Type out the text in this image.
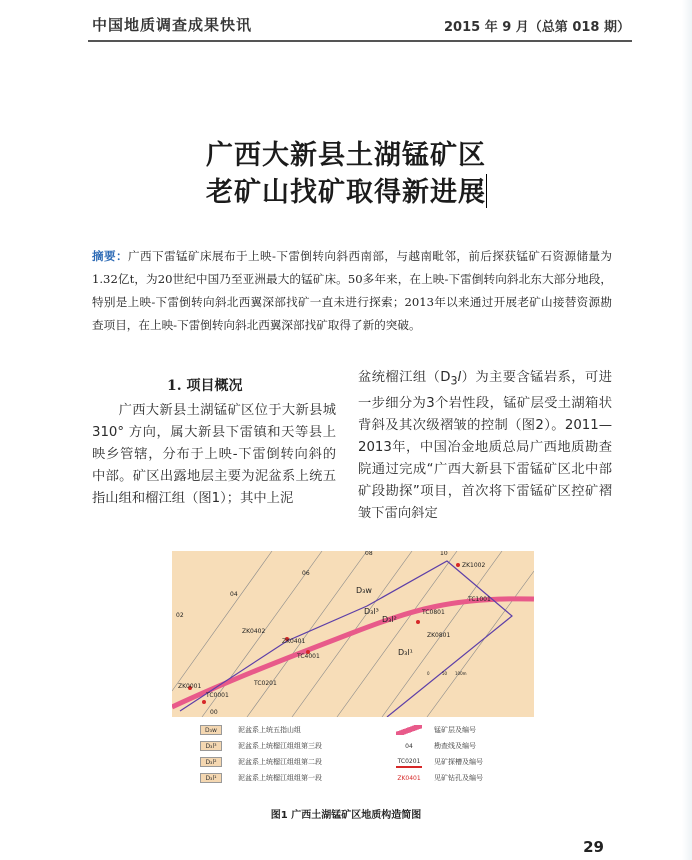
中国地质调查成果快讯	2015 年 9 月（总第 018 期）
广西大新县土湖锰矿区
老矿山找矿取得新进展
摘要：广西下雷锰矿床展布于上映-下雷倒转向斜西南部，与越南毗邻，前后探获锰矿石资源储量为1.32亿t，为20世纪中国乃至亚洲最大的锰矿床。50多年来，在上映-下雷倒转向斜北东大部分地段，特别是上映-下雷倒转向斜北西翼深部找矿一直未进行探索；2013年以来通过开展老矿山接替资源勘查项目，在上映-下雷倒转向斜北西翼深部找矿取得了新的突破。
1. 项目概况
广西大新县土湖锰矿区位于大新县城310° 方向，属大新县下雷镇和天等县上映乡管辖，分布于上映-下雷倒转向斜的中部。矿区出露地层主要为泥盆系上统五指山组和榴江组（图1）；其中上泥
盆统榴江组$(D_3l)$为主要含锰岩系，可进一步细分为3个岩性段，锰矿层受土湖箱状背斜及其次级褶皱的控制（图2）。2011—2013年，中国冶金地质总局广西地质勘查院通过完成“广西大新县下雷锰矿区北中部矿段勘探”项目，首次将下雷锰矿区控矿褶皱下雷向斜定
08	10
06
04
02
00
D₃w
D₃l³
D₃l²
D₃l¹
ZK1002
TC1001
TC0801
ZK0801
ZK0402
ZK0401
TC4001
TC0201
ZK0001
TC0001
0	50 100m
D₃w	泥盆系上统五指山组
D₃l³	泥盆系上统榴江组组第三段
D₃l²	泥盆系上统榴江组组第二段
D₃l¹	泥盆系上统榴江组组第一段
锰矿层及编号
04	勘查线及编号
TC0201 见矿探槽及编号
ZK0401 见矿钻孔及编号
图1 广西土湖锰矿区地质构造简图
29
